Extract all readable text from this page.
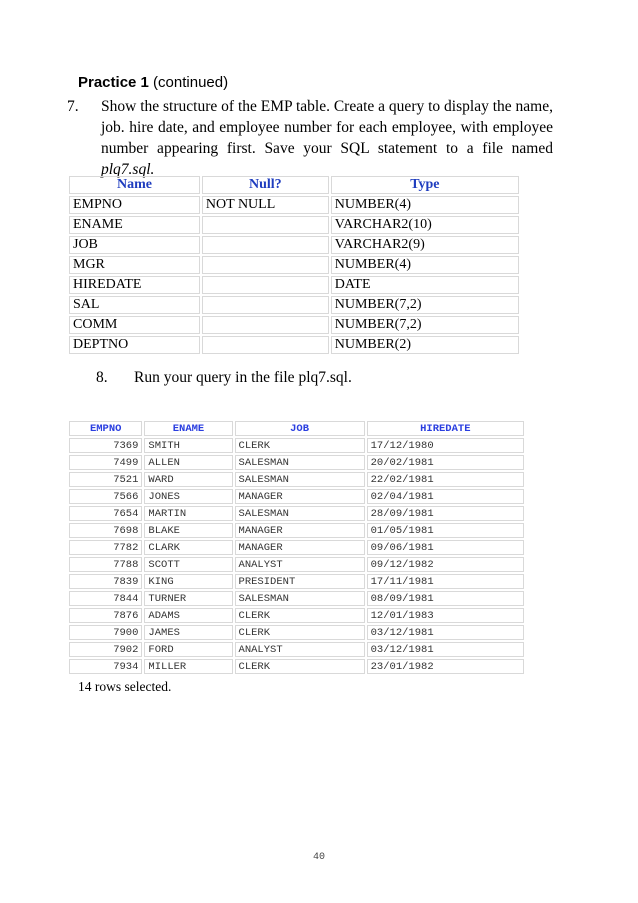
Practice 1 (continued)
7. Show the structure of the EMP table. Create a query to display the name, job. hire date, and employee number for each employee, with employee number appearing first. Save your SQL statement to a file named plq7.sql.
Name	Null?	Type
EMPNO	NOT NULL	NUMBER(4)
ENAME		VARCHAR2(10)
JOB		VARCHAR2(9)
MGR		NUMBER(4)
HIREDATE		DATE
SAL		NUMBER(7,2)
COMM		NUMBER(7,2)
DEPTNO		NUMBER(2)
8. Run your query in the file plq7.sql.
EMPNO	ENAME	JOB	HIREDATE
7369	SMITH	CLERK	17/12/1980
7499	ALLEN	SALESMAN	20/02/1981
7521	WARD	SALESMAN	22/02/1981
7566	JONES	MANAGER	02/04/1981
7654	MARTIN	SALESMAN	28/09/1981
7698	BLAKE	MANAGER	01/05/1981
7782	CLARK	MANAGER	09/06/1981
7788	SCOTT	ANALYST	09/12/1982
7839	KING	PRESIDENT	17/11/1981
7844	TURNER	SALESMAN	08/09/1981
7876	ADAMS	CLERK	12/01/1983
7900	JAMES	CLERK	03/12/1981
7902	FORD	ANALYST	03/12/1981
7934	MILLER	CLERK	23/01/1982
14 rows selected.
40
